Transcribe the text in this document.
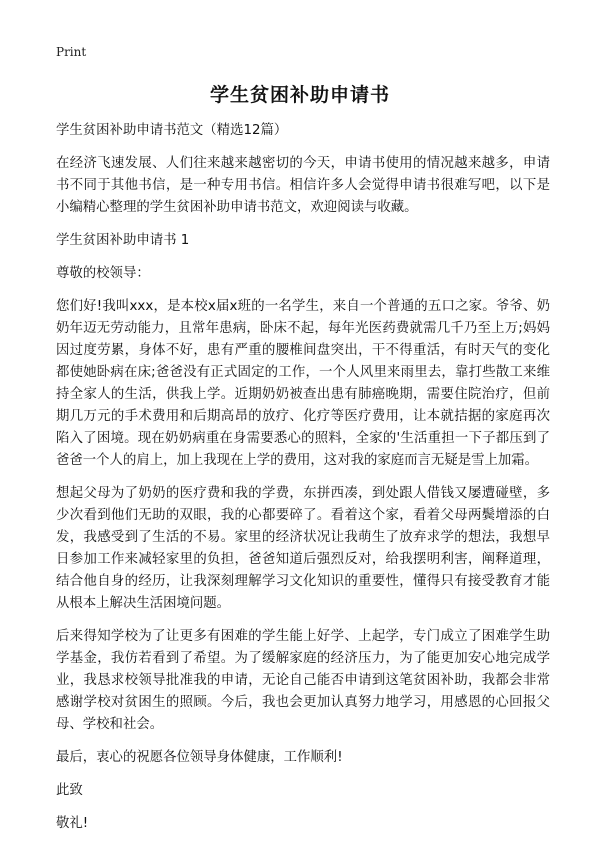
Print
学生贫困补助申请书

学生贫困补助申请书范文（精选12篇）

在经济飞速发展、人们往来越来越密切的今天，申请书使用的情况越来越多，申请书不同于其他书信，是一种专用书信。相信许多人会觉得申请书很难写吧，以下是小编精心整理的学生贫困补助申请书范文，欢迎阅读与收藏。

学生贫困补助申请书 1

尊敬的校领导：

您们好!我叫xxx，是本校x届x班的一名学生，来自一个普通的五口之家。爷爷、奶奶年迈无劳动能力，且常年患病，卧床不起，每年光医药费就需几千乃至上万;妈妈因过度劳累，身体不好，患有严重的腰椎间盘突出，干不得重活，有时天气的变化都使她卧病在床;爸爸没有正式固定的工作，一个人风里来雨里去，靠打些散工来维持全家人的生活，供我上学。近期奶奶被查出患有肺癌晚期，需要住院治疗，但前期几万元的手术费用和后期高昂的放疗、化疗等医疗费用，让本就拮据的家庭再次陷入了困境。现在奶奶病重在身需要悉心的照料，全家的'生活重担一下子都压到了爸爸一个人的肩上，加上我现在上学的费用，这对我的家庭而言无疑是雪上加霜。

想起父母为了奶奶的医疗费和我的学费，东拼西凑，到处跟人借钱又屡遭碰壁，多少次看到他们无助的双眼，我的心都要碎了。看着这个家，看着父母两鬓增添的白发，我感受到了生活的不易。家里的经济状况让我萌生了放弃求学的想法，我想早日参加工作来减轻家里的负担，爸爸知道后强烈反对，给我摆明利害，阐释道理，结合他自身的经历，让我深刻理解学习文化知识的重要性，懂得只有接受教育才能从根本上解决生活困境问题。

后来得知学校为了让更多有困难的学生能上好学、上起学，专门成立了困难学生助学基金，我仿若看到了希望。为了缓解家庭的经济压力，为了能更加安心地完成学业，我恳求校领导批准我的申请，无论自己能否申请到这笔贫困补助，我都会非常感谢学校对贫困生的照顾。今后，我也会更加认真努力地学习，用感恩的心回报父母、学校和社会。

最后，衷心的祝愿各位领导身体健康，工作顺利!

此致

敬礼!
